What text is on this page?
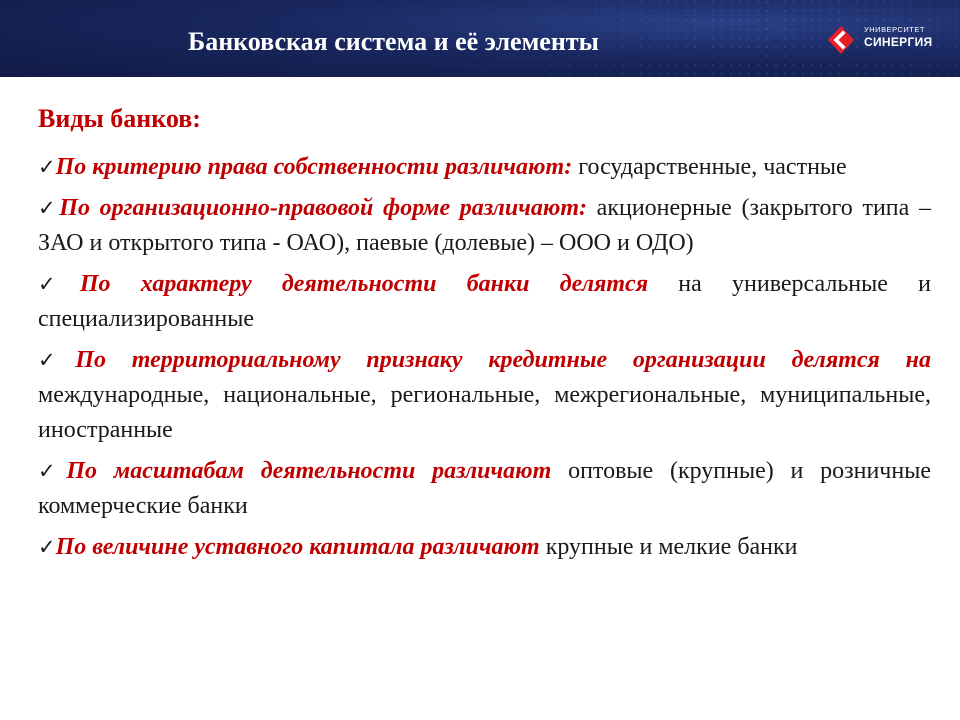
Банковская система и её элементы	УНИВЕРСИТЕТ
СИНЕРГИЯ
Виды банков:
✓По критерию права собственности различают: государственные, частные
✓По организационно-правовой форме различают: акционерные (закрытого типа – ЗАО и открытого типа - ОАО), паевые (долевые) – ООО и ОДО)
✓По характеру деятельности банки делятся на универсальные и специализированные
✓По территориальному признаку кредитные организации делятся на международные, национальные, региональные, межрегиональные, муниципальные, иностранные
✓По масштабам деятельности различают оптовые (крупные) и розничные коммерческие банки
✓По величине уставного капитала различают крупные и мелкие банки
